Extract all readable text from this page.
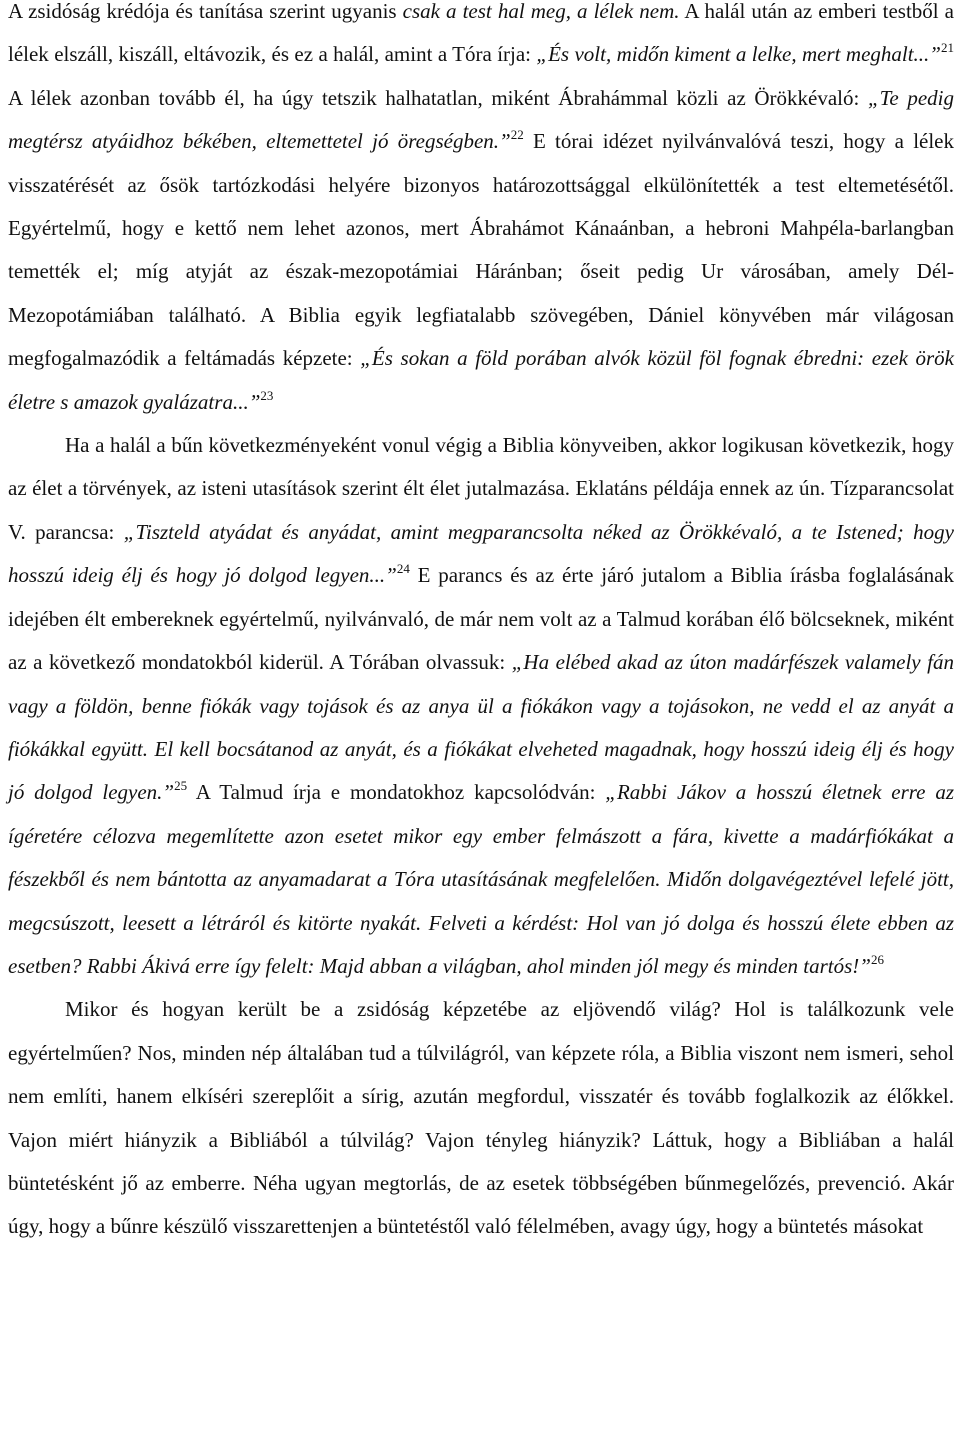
A zsidóság krédója és tanítása szerint ugyanis csak a test hal meg, a lélek nem. A halál után az emberi testből a lélek elszáll, kiszáll, eltávozik, és ez a halál, amint a Tóra írja: „És volt, midőn kiment a lelke, mert meghalt...”$^{21}$ A lélek azonban tovább él, ha úgy tetszik halhatatlan, miként Ábrahámmal közli az Örökkévaló: „Te pedig megtérsz atyáidhoz békében, eltemettetel jó öregségben.”$^{22}$ E tórai idézet nyilvánvalóvá teszi, hogy a lélek visszatérését az ősök tartózkodási helyére bizonyos határozottsággal elkülönítették a test eltemetésétől. Egyértelmű, hogy e kettő nem lehet azonos, mert Ábrahámot Kánaánban, a hebroni Mahpéla-barlangban temették el; míg atyját az észak-mezopotámiai Háránban; őseit pedig Ur városában, amely Dél-Mezopotámiában található. A Biblia egyik legfiatalabb szövegében, Dániel könyvében már világosan megfogalmazódik a feltámadás képzete: „És sokan a föld porában alvók közül föl fognak ébredni: ezek örök életre s amazok gyalázatra...”$^{23}$

Ha a halál a bűn következményeként vonul végig a Biblia könyveiben, akkor logikusan következik, hogy az élet a törvények, az isteni utasítások szerint élt élet jutalmazása. Eklatáns példája ennek az ún. Tízparancsolat V. parancsa: „Tiszteld atyádat és anyádat, amint megparancsolta néked az Örökkévaló, a te Istened; hogy hosszú ideig élj és hogy jó dolgod legyen...”$^{24}$ E parancs és az érte járó jutalom a Biblia írásba foglalásának idejében élt embereknek egyértelmű, nyilvánvaló, de már nem volt az a Talmud korában élő bölcseknek, miként az a következő mondatokból kiderül. A Tórában olvassuk: „Ha elébed akad az úton madárfészek valamely fán vagy a földön, benne fiókák vagy tojások és az anya ül a fiókákon vagy a tojásokon, ne vedd el az anyát a fiókákkal együtt. El kell bocsátanod az anyát, és a fiókákat elveheted magadnak, hogy hosszú ideig élj és hogy jó dolgod legyen.”$^{25}$ A Talmud írja e mondatokhoz kapcsolódván: „Rabbi Jákov a hosszú életnek erre az ígéretére célozva megemlítette azon esetet mikor egy ember felmászott a fára, kivette a madárfiókákat a fészekből és nem bántotta az anyamadarat a Tóra utasításának megfelelően. Midőn dolgavégeztével lefelé jött, megcsúszott, leesett a létráról és kitörte nyakát. Felveti a kérdést: Hol van jó dolga és hosszú élete ebben az esetben? Rabbi Ákivá erre így felelt: Majd abban a világban, ahol minden jól megy és minden tartós!”$^{26}$

Mikor és hogyan került be a zsidóság képzetébe az eljövendő világ? Hol is találkozunk vele egyértelműen? Nos, minden nép általában tud a túlvilágról, van képzete róla, a Biblia viszont nem ismeri, sehol nem említi, hanem elkíséri szereplőit a sírig, azután megfordul, visszatér és tovább foglalkozik az élőkkel. Vajon miért hiányzik a Bibliából a túlvilág? Vajon tényleg hiányzik? Láttuk, hogy a Bibliában a halál büntetésként jő az emberre. Néha ugyan megtorlás, de az esetek többségében bűnmegelőzés, prevenció. Akár úgy, hogy a bűnre készülő visszarettenjen a büntetéstől való félelmében, avagy úgy, hogy a büntetés másokat
